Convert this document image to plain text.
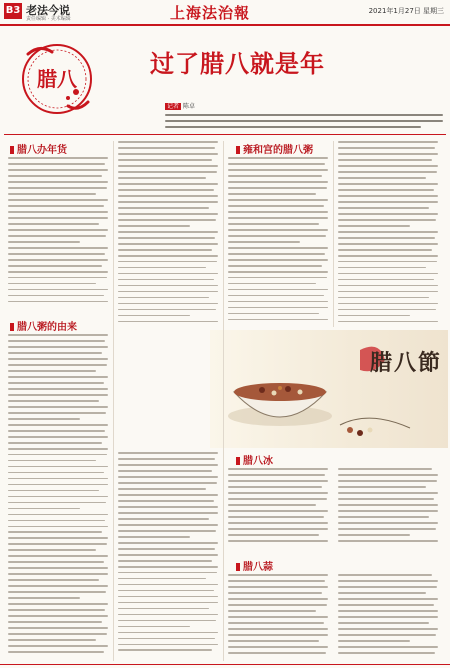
B3 老法今说
责任编辑 · 美术编辑	上海法治報	2021年1月27日 星期三
腊八
过了腊八就是年
记者 陈卓
腊八办年货
腊八粥的由来
雍和宫的腊八粥
腊八節
腊八冰
腊八蒜
